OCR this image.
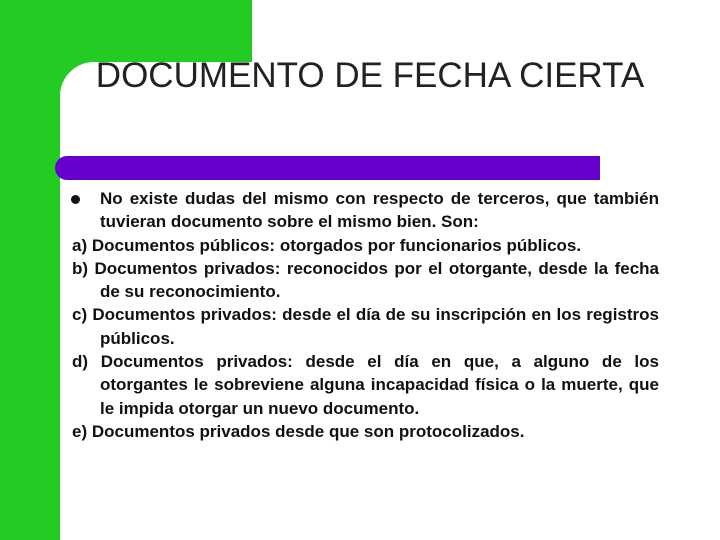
DOCUMENTO DE FECHA CIERTA

No existe dudas del mismo con respecto de terceros, que también tuvieran documento sobre el mismo bien. Son:

a) Documentos públicos: otorgados por funcionarios públicos.

b) Documentos privados: reconocidos por el otorgante, desde la fecha de su reconocimiento.

c) Documentos privados: desde el día de su inscripción en los registros públicos.

d) Documentos privados: desde el día en que, a alguno de los otorgantes le sobreviene alguna incapacidad física o la muerte, que le impida otorgar un nuevo documento.

e) Documentos privados desde que son protocolizados.
